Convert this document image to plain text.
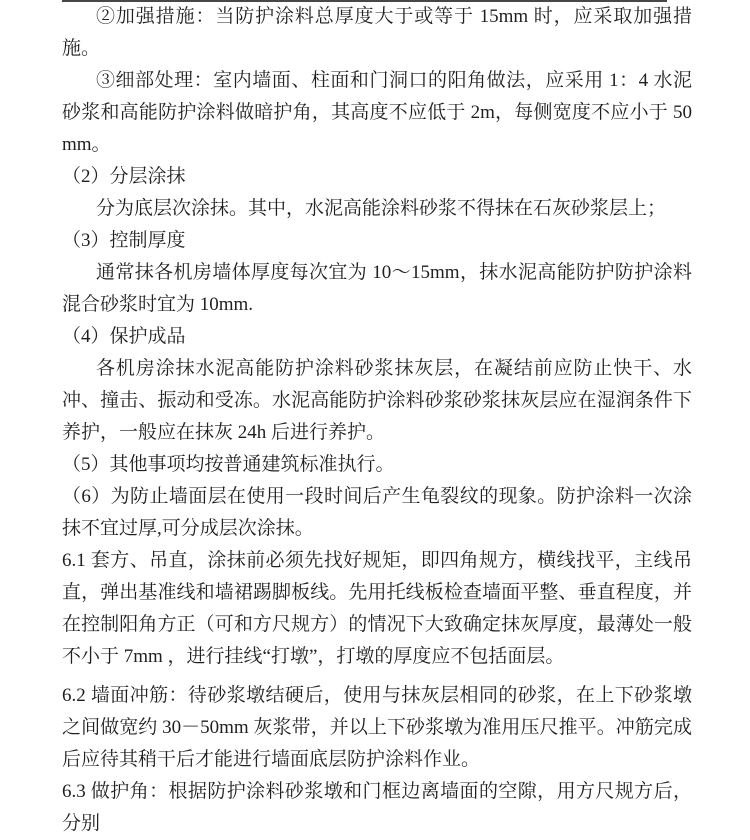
②加强措施：当防护涂料总厚度大于或等于 15mm 时，应采取加强措施。

③细部处理：室内墙面、柱面和门洞口的阳角做法，应采用 1：4 水泥砂浆和高能防护涂料做暗护角，其高度不应低于 2m，每侧宽度不应小于 50mm。

（2）分层涂抹

分为底层次涂抹。其中，水泥高能涂料砂浆不得抹在石灰砂浆层上；

（3）控制厚度

通常抹各机房墙体厚度每次宜为 10～15mm，抹水泥高能防护防护涂料混合砂浆时宜为 10mm.

（4）保护成品

各机房涂抹水泥高能防护涂料砂浆抹灰层，在凝结前应防止快干、水冲、撞击、振动和受冻。水泥高能防护涂料砂浆砂浆抹灰层应在湿润条件下养护，一般应在抹灰 24h 后进行养护。

（5）其他事项均按普通建筑标准执行。

（6）为防止墙面层在使用一段时间后产生龟裂纹的现象。防护涂料一次涂抹不宜过厚,可分成层次涂抹。

6.1 套方、吊直，涂抹前必须先找好规矩，即四角规方，横线找平，主线吊直，弹出基准线和墙裙踢脚板线。先用托线板检查墙面平整、垂直程度，并在控制阳角方正（可和方尺规方）的情况下大致确定抹灰厚度，最薄处一般不小于 7mm ，进行挂线“打墩”，打墩的厚度应不包括面层。

6.2 墙面冲筋：待砂浆墩结硬后，使用与抹灰层相同的砂浆，在上下砂浆墩之间做宽约 30－50mm 灰浆带，并以上下砂浆墩为准用压尺推平。冲筋完成后应待其稍干后才能进行墙面底层防护涂料作业。

6.3 做护角：根据防护涂料砂浆墩和门框边离墙面的空隙，用方尺规方后，分别
